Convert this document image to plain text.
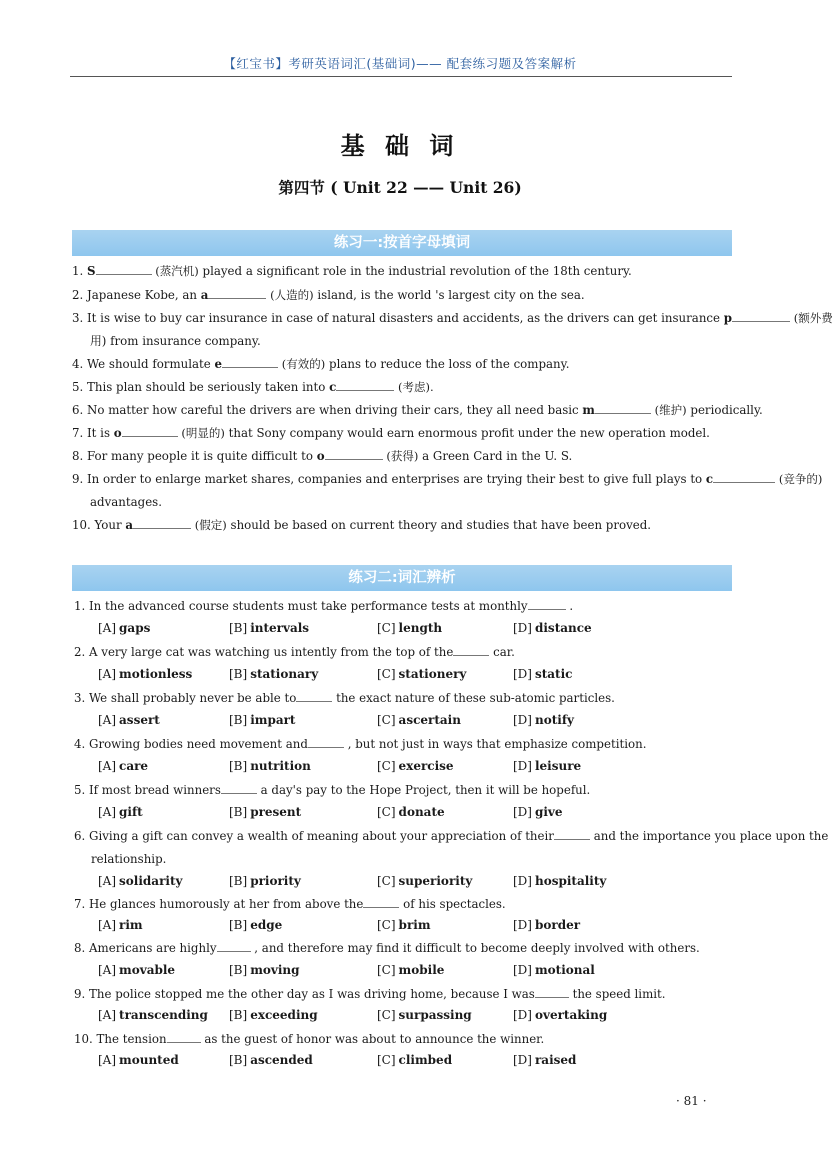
【红宝书】考研英语词汇(基础词)—— 配套练习题及答案解析
基 础 词
第四节 ( Unit 22 —— Unit 26)
练习一:按首字母填词
1. S	(蒸汽机) played a significant role in the industrial revolution of the 18th century.
2. Japanese Kobe, an a	(人造的) island, is the world 's largest city on the sea.
3. It is wise to buy car insurance in case of natural disasters and accidents, as the drivers can get insurance p	(额外费
用) from insurance company.
4. We should formulate e	(有效的) plans to reduce the loss of the company.
5. This plan should be seriously taken into c	(考虑).
6. No matter how careful the drivers are when driving their cars, they all need basic m	(维护) periodically.
7. It is o	(明显的) that Sony company would earn enormous profit under the new operation model.
8. For many people it is quite difficult to o	(获得) a Green Card in the U. S.
9. In order to enlarge market shares, companies and enterprises are trying their best to give full plays to c	(竞争的)
advantages.
10. Your a	(假定) should be based on current theory and studies that have been proved.
练习二:词汇辨析
1. In the advanced course students must take performance tests at monthly	.
[A] gaps	[B] intervals	[C] length	[D] distance
2. A very large cat was watching us intently from the top of the	car.
[A] motionless	[B] stationary	[C] stationery	[D] static
3. We shall probably never be able to	the exact nature of these sub-atomic particles.
[A] assert	[B] impart	[C] ascertain	[D] notify
4. Growing bodies need movement and	, but not just in ways that emphasize competition.
[A] care	[B] nutrition	[C] exercise	[D] leisure
5. If most bread winners	a day's pay to the Hope Project, then it will be hopeful.
[A] gift	[B] present	[C] donate	[D] give
6. Giving a gift can convey a wealth of meaning about your appreciation of their	and the importance you place upon the
relationship.
[A] solidarity	[B] priority	[C] superiority	[D] hospitality
7. He glances humorously at her from above the	of his spectacles.
[A] rim	[B] edge	[C] brim	[D] border
8. Americans are highly	, and therefore may find it difficult to become deeply involved with others.
[A] movable	[B] moving	[C] mobile	[D] motional
9. The police stopped me the other day as I was driving home, because I was	the speed limit.
[A] transcending [B] exceeding	[C] surpassing	[D] overtaking
10. The tension	as the guest of honor was about to announce the winner.
[A] mounted	[B] ascended	[C] climbed	[D] raised
· 81 ·
